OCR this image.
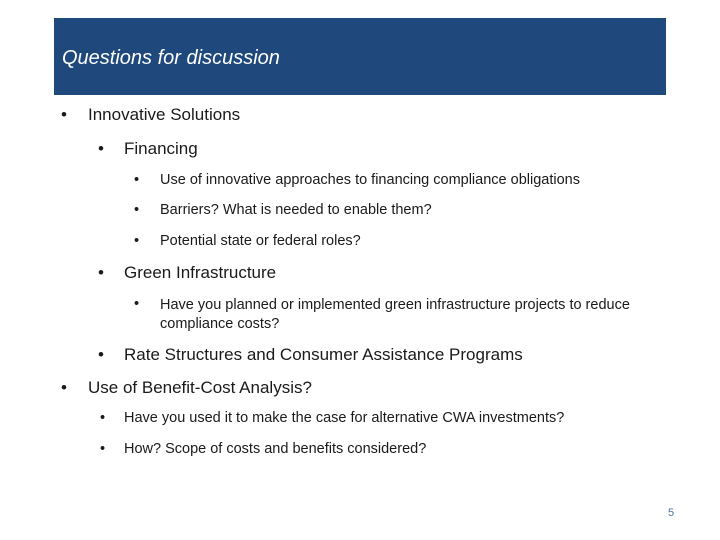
Questions for discussion
• Innovative Solutions
• Financing
• Use of innovative approaches to financing compliance obligations
• Barriers? What is needed to enable them?
• Potential state or federal roles?
• Green Infrastructure
• Have you planned or implemented green infrastructure projects to reduce compliance costs?
• Rate Structures and Consumer Assistance Programs
• Use of Benefit-Cost Analysis?
• Have you used it to make the case for alternative CWA investments?
• How? Scope of costs and benefits considered?
5
